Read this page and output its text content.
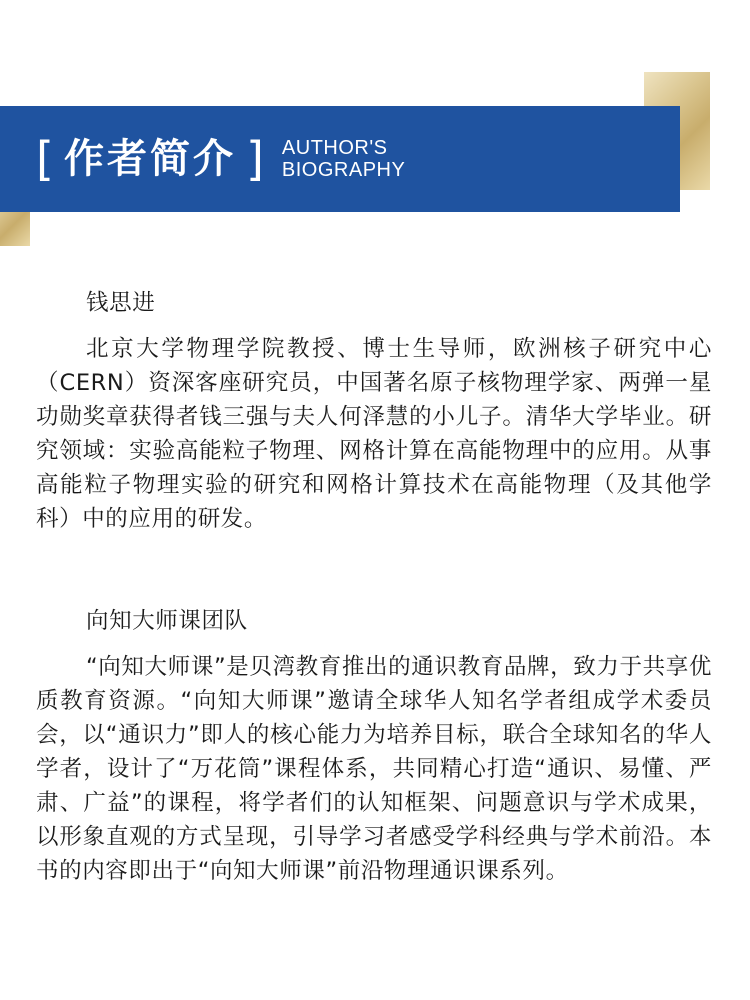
[ 作者简介 ] AUTHOR'S
BIOGRAPHY

钱思进

北京大学物理学院教授、博士生导师，欧洲核子研究中心（CERN）资深客座研究员，中国著名原子核物理学家、两弹一星功勋奖章获得者钱三强与夫人何泽慧的小儿子。清华大学毕业。研究领域：实验高能粒子物理、网格计算在高能物理中的应用。从事高能粒子物理实验的研究和网格计算技术在高能物理（及其他学科）中的应用的研发。

向知大师课团队

“向知大师课”是贝湾教育推出的通识教育品牌，致力于共享优质教育资源。“向知大师课”邀请全球华人知名学者组成学术委员会，以“通识力”即人的核心能力为培养目标，联合全球知名的华人学者，设计了“万花筒”课程体系，共同精心打造“通识、易懂、严肃、广益”的课程，将学者们的认知框架、问题意识与学术成果，以形象直观的方式呈现，引导学习者感受学科经典与学术前沿。本书的内容即出于“向知大师课”前沿物理通识课系列。
